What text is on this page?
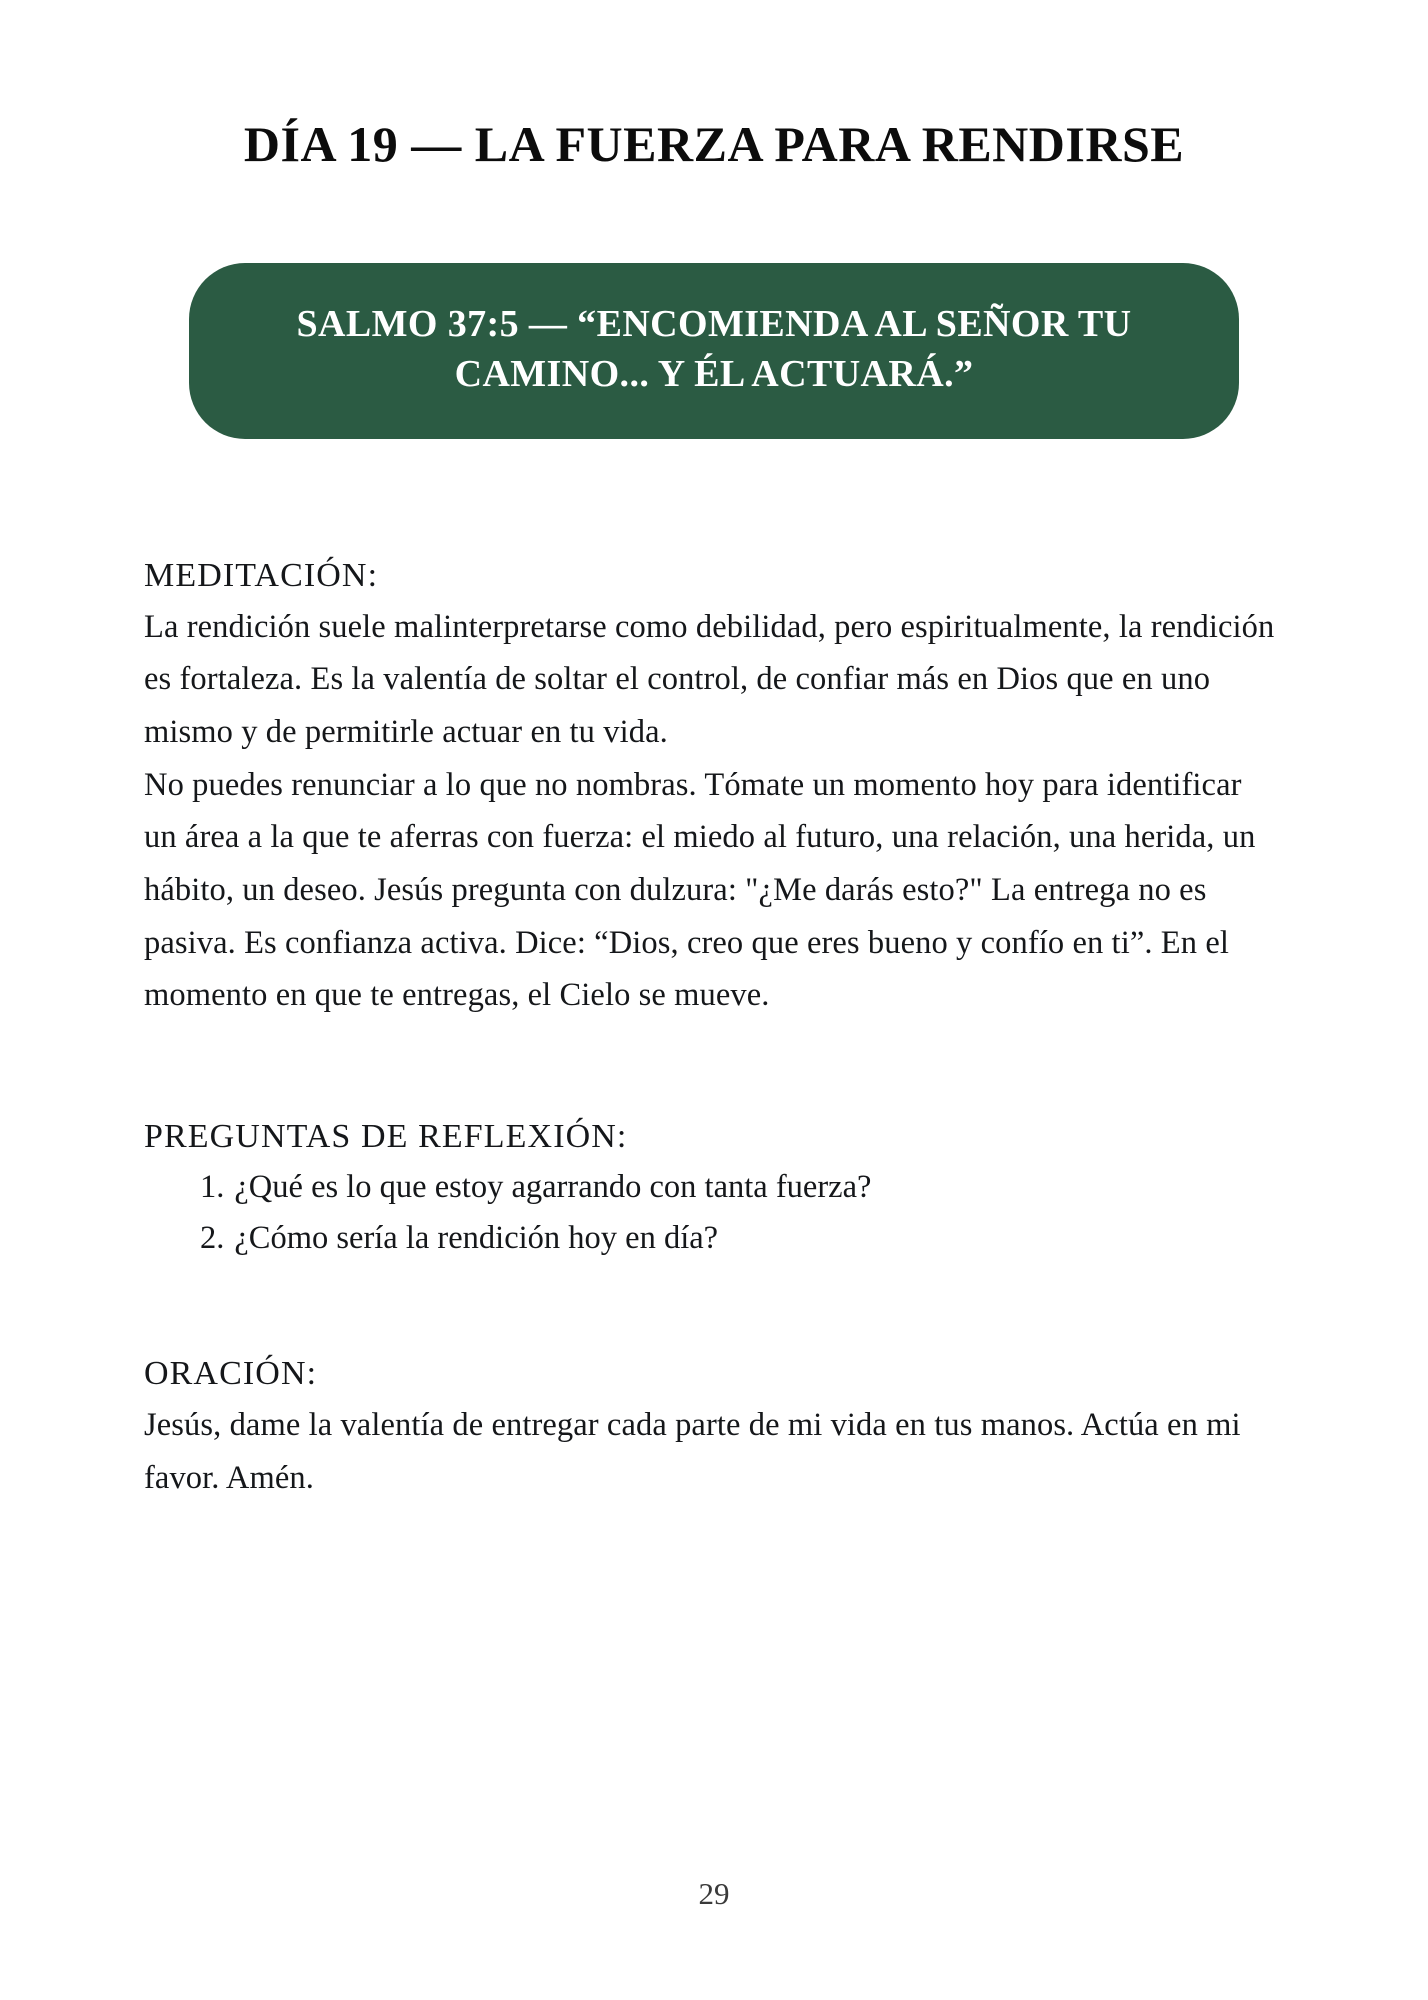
DÍA 19 — LA FUERZA PARA RENDIRSE

SALMO 37:5 — “ENCOMIENDA AL SEÑOR TU

CAMINO... Y ÉL ACTUARÁ.”

MEDITACIÓN:

La rendición suele malinterpretarse como debilidad, pero espiritualmente, la rendición es fortaleza. Es la valentía de soltar el control, de confiar más en Dios que en uno mismo y de permitirle actuar en tu vida.

No puedes renunciar a lo que no nombras. Tómate un momento hoy para identificar un área a la que te aferras con fuerza: el miedo al futuro, una relación, una herida, un hábito, un deseo. Jesús pregunta con dulzura: "¿Me darás esto?" La entrega no es pasiva. Es confianza activa. Dice: “Dios, creo que eres bueno y confío en ti”. En el momento en que te entregas, el Cielo se mueve.

PREGUNTAS DE REFLEXIÓN:
1. ¿Qué es lo que estoy agarrando con tanta fuerza?
2. ¿Cómo sería la rendición hoy en día?
ORACIÓN:

Jesús, dame la valentía de entregar cada parte de mi vida en tus manos. Actúa en mi favor. Amén.

29
